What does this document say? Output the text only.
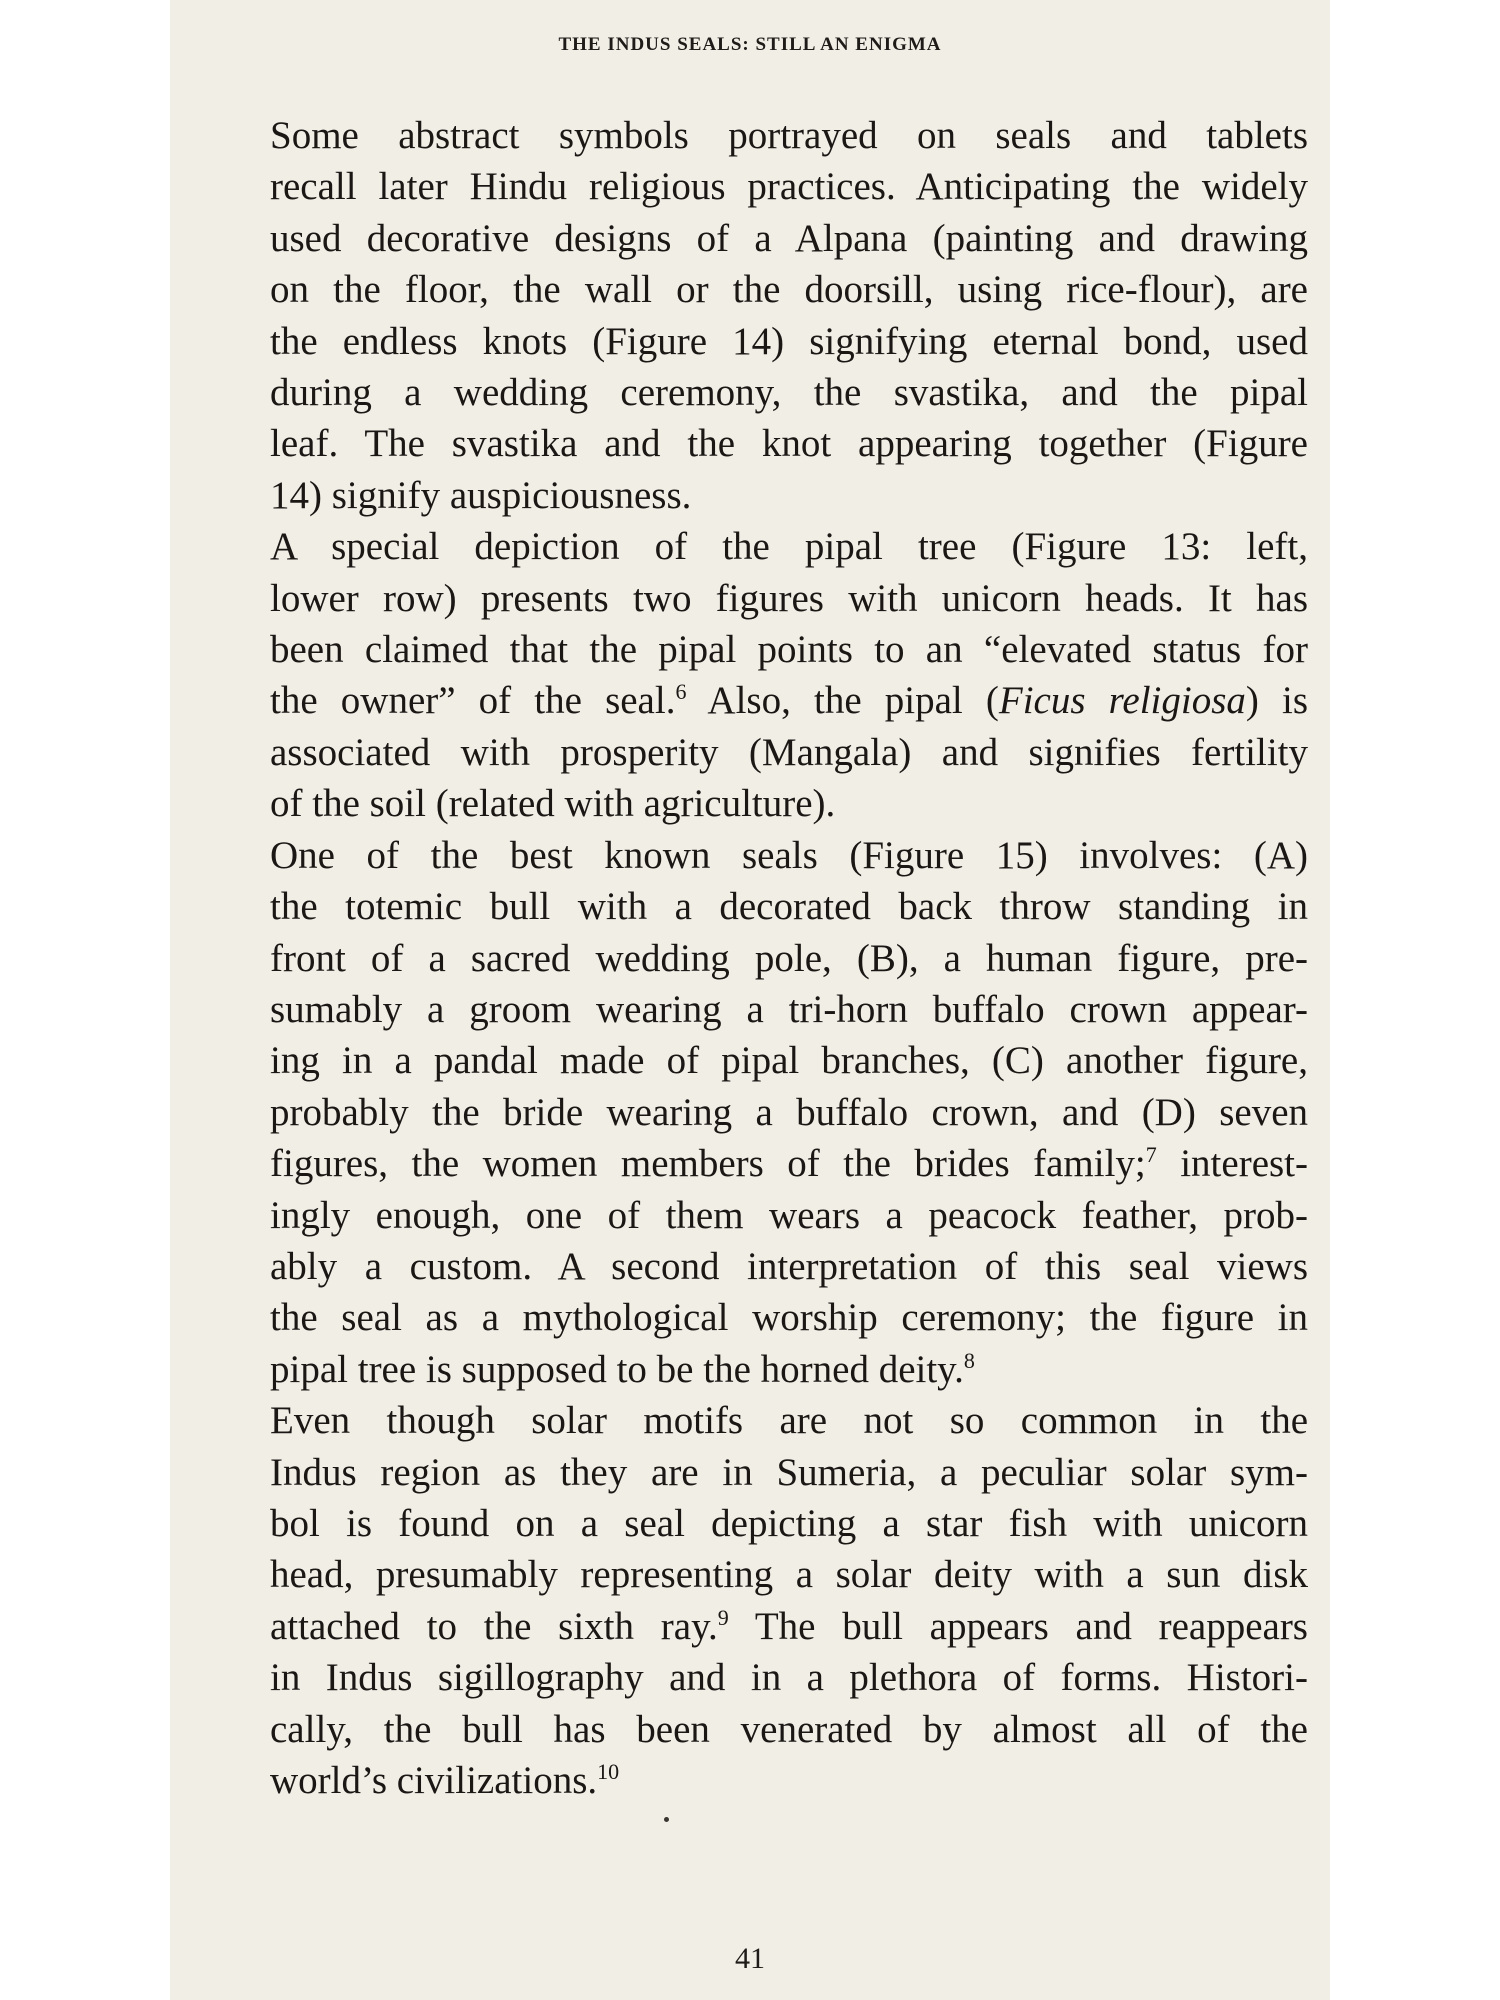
THE INDUS SEALS: STILL AN ENIGMA

Some abstract symbols portrayed on seals and tablets
recall later Hindu religious practices. Anticipating the widely
used decorative designs of a Alpana (painting and drawing
on the floor, the wall or the doorsill, using rice-flour), are
the endless knots (Figure 14) signifying eternal bond, used
during a wedding ceremony, the svastika, and the pipal
leaf. The svastika and the knot appearing together (Figure
14) signify auspiciousness.

A special depiction of the pipal tree (Figure 13: left,
lower row) presents two figures with unicorn heads. It has
been claimed that the pipal points to an “elevated status for
the owner” of the seal.$^6$ Also, the pipal (Ficus religiosa) is
associated with prosperity (Mangala) and signifies fertility
of the soil (related with agriculture).

One of the best known seals (Figure 15) involves: (A)
the totemic bull with a decorated back throw standing in
front of a sacred wedding pole, (B), a human figure, pre-
sumably a groom wearing a tri-horn buffalo crown appear-
ing in a pandal made of pipal branches, (C) another figure,
probably the bride wearing a buffalo crown, and (D) seven
figures, the women members of the brides family;$^7$ interest-
ingly enough, one of them wears a peacock feather, prob-
ably a custom. A second interpretation of this seal views
the seal as a mythological worship ceremony; the figure in
pipal tree is supposed to be the horned deity.$^8$

Even though solar motifs are not so common in the
Indus region as they are in Sumeria, a peculiar solar sym-
bol is found on a seal depicting a star fish with unicorn
head, presumably representing a solar deity with a sun disk
attached to the sixth ray.$^9$ The bull appears and reappears
in Indus sigillography and in a plethora of forms. Histori-
cally, the bull has been venerated by almost all of the
world’s civilizations.$^{10}$

41
